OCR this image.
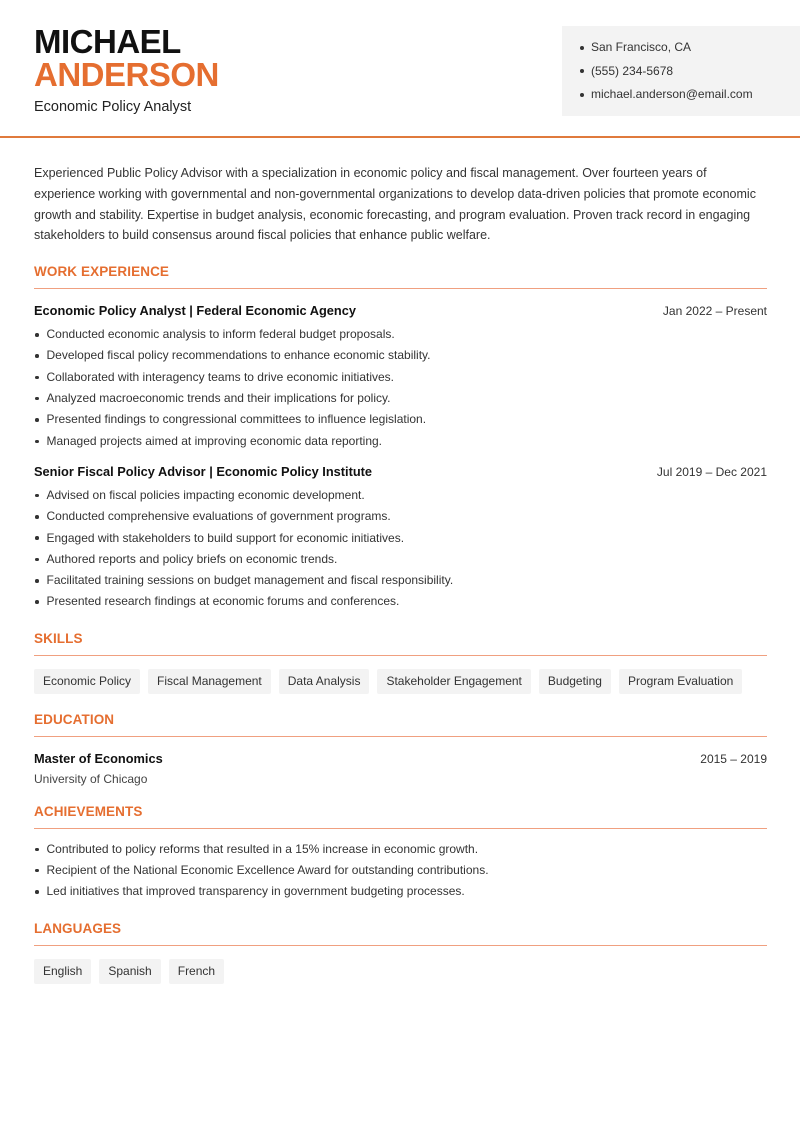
MICHAEL
ANDERSON
Economic Policy Analyst
San Francisco, CA
(555) 234-5678
michael.anderson@email.com

Experienced Public Policy Advisor with a specialization in economic policy and fiscal management. Over fourteen years of experience working with governmental and non-governmental organizations to develop data-driven policies that promote economic growth and stability. Expertise in budget analysis, economic forecasting, and program evaluation. Proven track record in engaging stakeholders to build consensus around fiscal policies that enhance public welfare.

WORK EXPERIENCE
Economic Policy Analyst | Federal Economic Agency	Jan 2022 – Present
Conducted economic analysis to inform federal budget proposals.
Developed fiscal policy recommendations to enhance economic stability.
Collaborated with interagency teams to drive economic initiatives.
Analyzed macroeconomic trends and their implications for policy.
Presented findings to congressional committees to influence legislation.
Managed projects aimed at improving economic data reporting.
Senior Fiscal Policy Advisor | Economic Policy Institute	Jul 2019 – Dec 2021
Advised on fiscal policies impacting economic development.
Conducted comprehensive evaluations of government programs.
Engaged with stakeholders to build support for economic initiatives.
Authored reports and policy briefs on economic trends.
Facilitated training sessions on budget management and fiscal responsibility.
Presented research findings at economic forums and conferences.
SKILLS
Economic Policy	Fiscal Management	Data Analysis	Stakeholder Engagement	Budgeting	Program Evaluation
EDUCATION
Master of Economics	2015 – 2019
University of Chicago
ACHIEVEMENTS
Contributed to policy reforms that resulted in a 15% increase in economic growth.
Recipient of the National Economic Excellence Award for outstanding contributions.
Led initiatives that improved transparency in government budgeting processes.
LANGUAGES
English	Spanish	French
